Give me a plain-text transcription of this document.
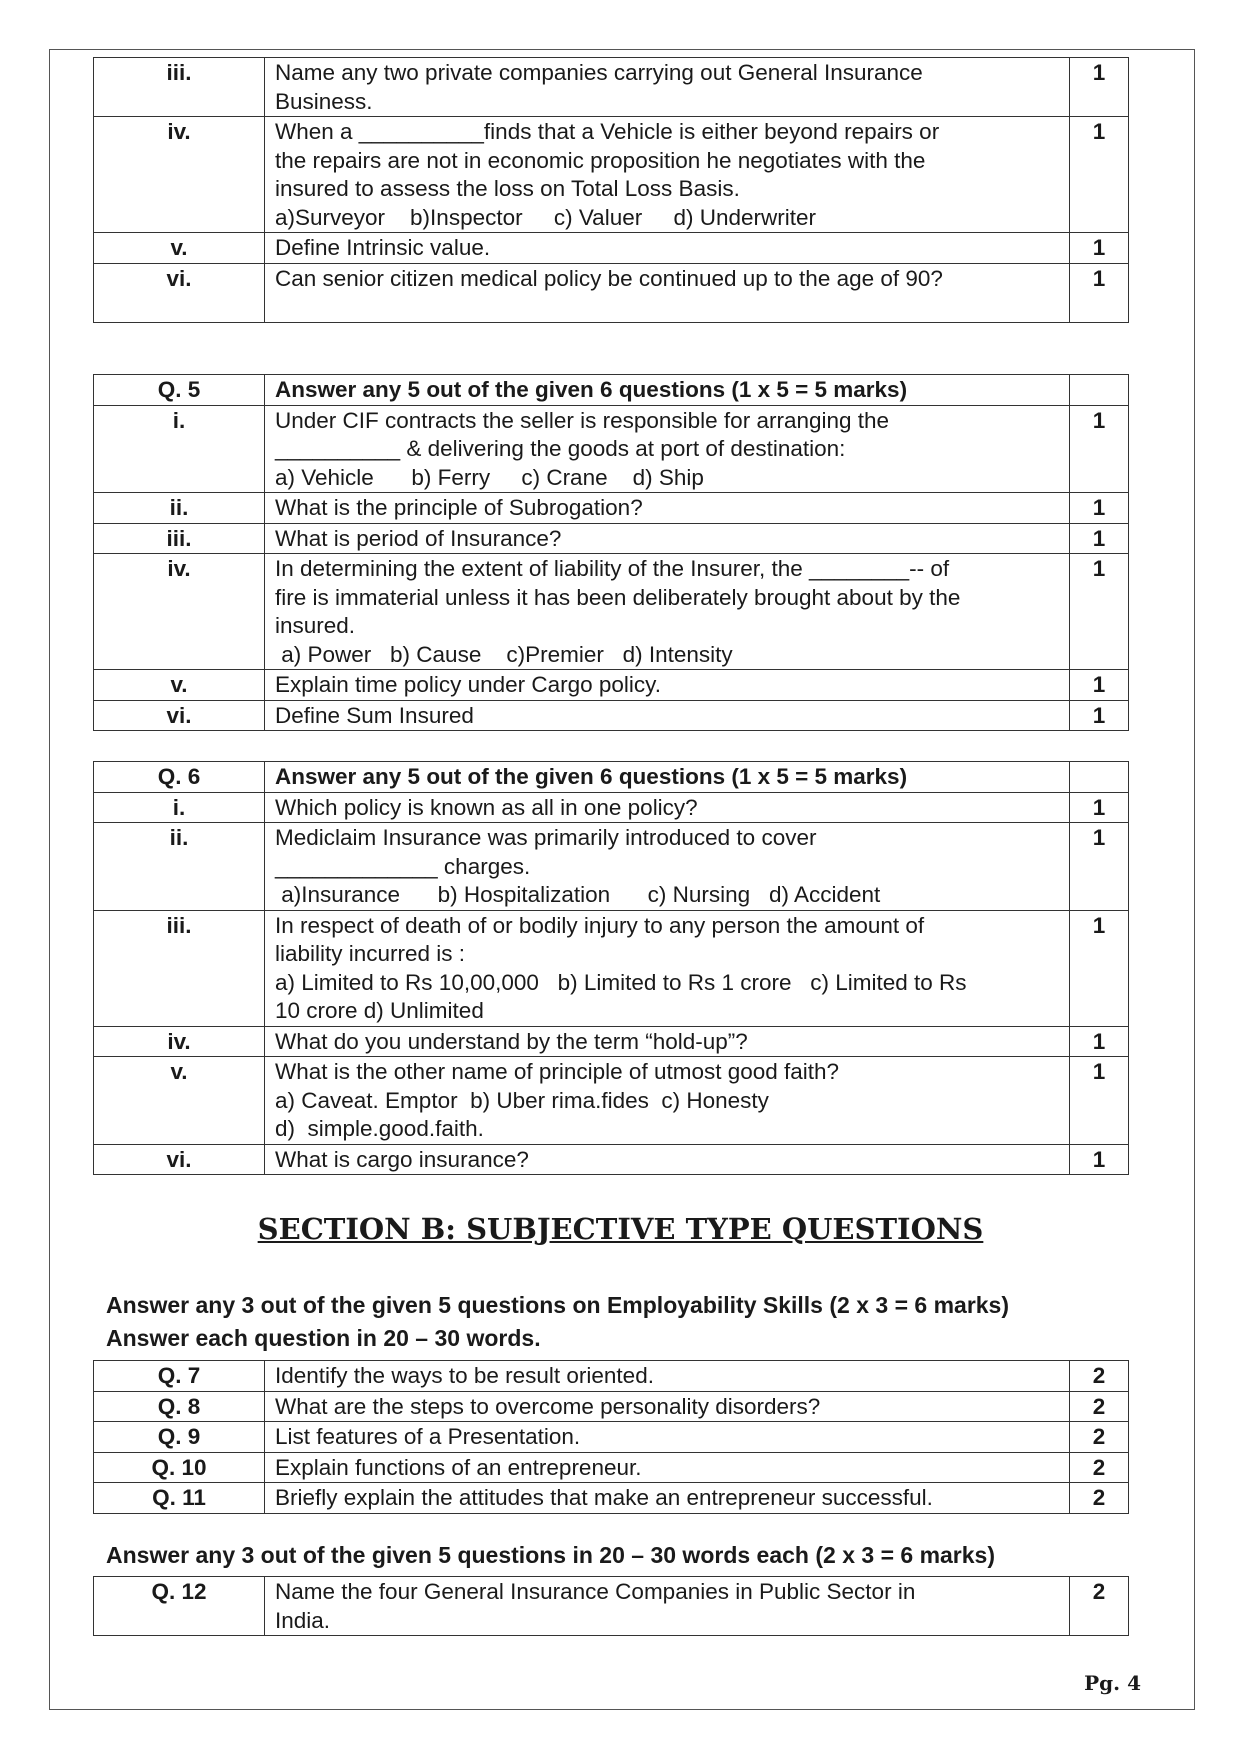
iii.	Name any two private companies carrying out General Insurance
Business.	1
iv.	When a __________finds that a Vehicle is either beyond repairs or
the repairs are not in economic proposition he negotiates with the
insured to assess the loss on Total Loss Basis.
a)Surveyor    b)Inspector     c) Valuer     d) Underwriter	1
v.	Define Intrinsic value.	1
vi.	Can senior citizen medical policy be continued up to the age of 90?	1
Q. 5	Answer any 5 out of the given 6 questions (1 x 5 = 5 marks)	
i.	Under CIF contracts the seller is responsible for arranging the
__________ & delivering the goods at port of destination:
a) Vehicle      b) Ferry     c) Crane    d) Ship	1
ii.	What is the principle of Subrogation?	1
iii.	What is period of Insurance?	1
iv.	In determining the extent of liability of the Insurer, the ________-- of
fire is immaterial unless it has been deliberately brought about by the
insured.
a) Power   b) Cause    c)Premier   d) Intensity	1
v.	Explain time policy under Cargo policy.	1
vi.	Define Sum Insured	1
Q. 6	Answer any 5 out of the given 6 questions (1 x 5 = 5 marks)	
i.	Which policy is known as all in one policy?	1
ii.	Mediclaim Insurance was primarily introduced to cover
_____________ charges.
a)Insurance      b) Hospitalization      c) Nursing   d) Accident	1
iii.	In respect of death of or bodily injury to any person the amount of
liability incurred is :
a) Limited to Rs 10,00,000   b) Limited to Rs 1 crore   c) Limited to Rs
10 crore d) Unlimited	1
iv.	What do you understand by the term “hold-up”?	1
v.	What is the other name of principle of utmost good faith?
a) Caveat. Emptor  b) Uber rima.fides  c) Honesty
d)  simple.good.faith.	1
vi.	What is cargo insurance?	1
SECTION B: SUBJECTIVE TYPE QUESTIONS
Answer any 3 out of the given 5 questions on Employability Skills (2 x 3 = 6 marks)
Answer each question in 20 – 30 words.
Q. 7	Identify the ways to be result oriented.	2
Q. 8	What are the steps to overcome personality disorders?	2
Q. 9	List features of a Presentation.	2
Q. 10	Explain functions of an entrepreneur.	2
Q. 11	Briefly explain the attitudes that make an entrepreneur successful.	2
Answer any 3 out of the given 5 questions in 20 – 30 words each (2 x 3 = 6 marks)
Q. 12	Name the four General Insurance Companies in Public Sector in
India.
	2
Pg. 4
